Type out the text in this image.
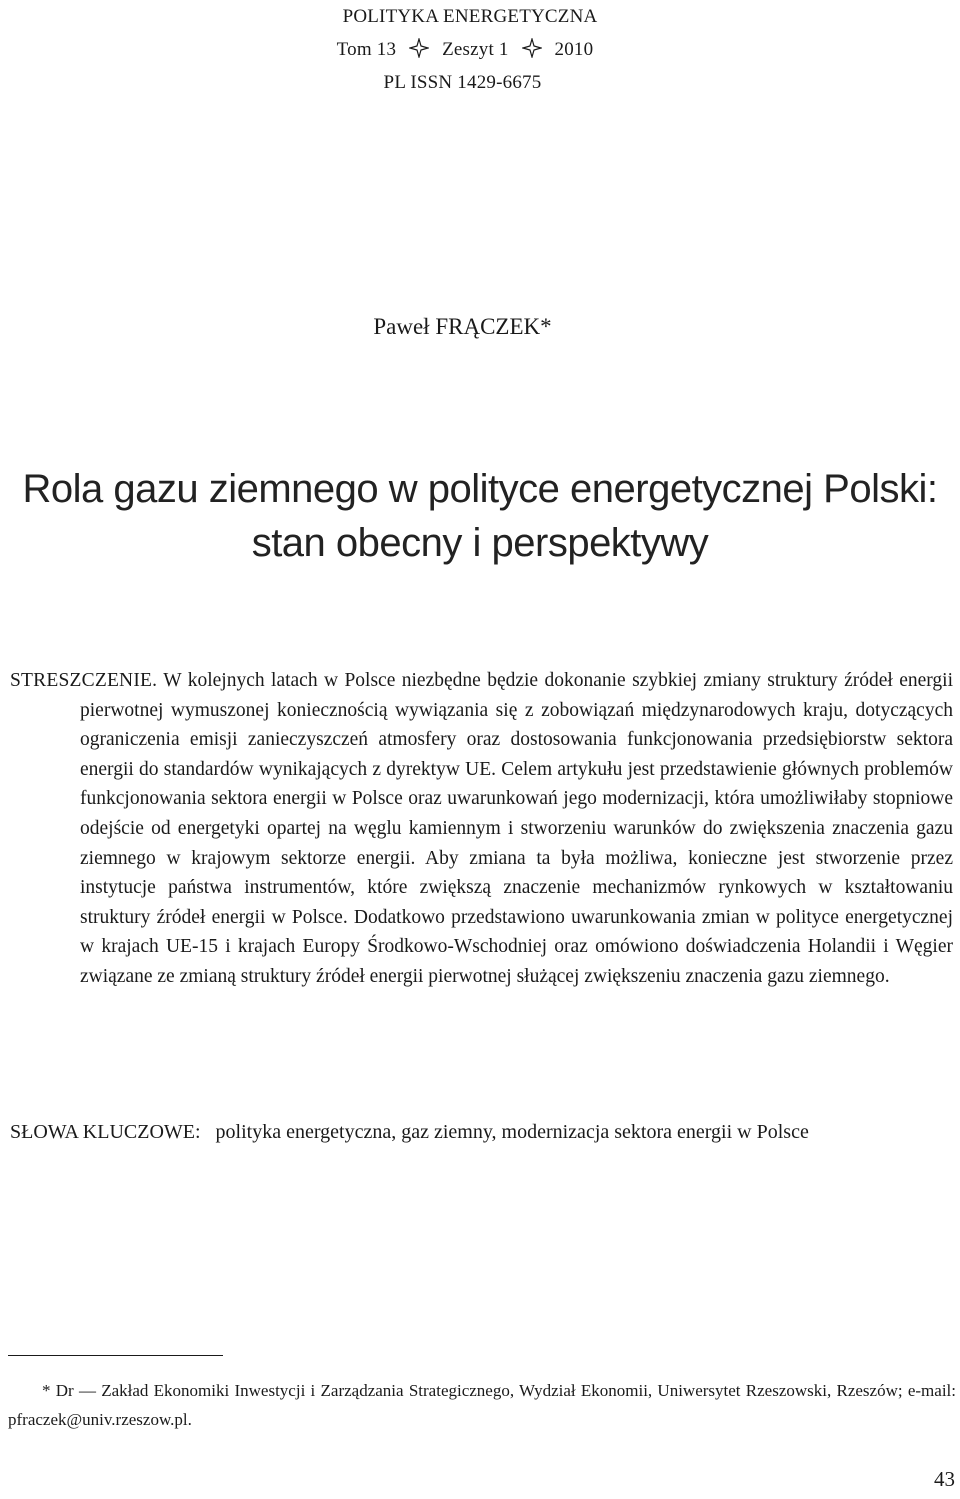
POLITYKA ENERGETYCZNA
Tom 13 Zeszyt 1 2010
PL ISSN 1429-6675
Paweł FRĄCZEK*
Rola gazu ziemnego w polityce energetycznej Polski:
stan obecny i perspektywy

STRESZCZENIE. W kolejnych latach w Polsce niezbędne będzie dokonanie szybkiej zmiany struktury źródeł energii pierwotnej wymuszonej koniecznością wywiązania się z zobowiązań międzynarodowych kraju, dotyczących ograniczenia emisji zanieczyszczeń atmosfery oraz dostosowania funkcjonowania przedsiębiorstw sektora energii do standardów wynikających z dyrektyw UE. Celem artykułu jest przedstawienie głównych problemów funkcjonowania sektora energii w Polsce oraz uwarunkowań jego modernizacji, która umożliwiłaby stopniowe odejście od energetyki opartej na węglu kamiennym i stworzeniu warunków do zwiększenia znaczenia gazu ziemnego w krajowym sektorze energii. Aby zmiana ta była możliwa, konieczne jest stworzenie przez instytucje państwa instrumentów, które zwiększą znaczenie mechanizmów rynkowych w kształtowaniu struktury źródeł energii w Polsce. Dodatkowo przedstawiono uwarunkowania zmian w polityce energetycznej w krajach UE-15 i krajach Europy Środkowo-Wschodniej oraz omówiono doświadczenia Holandii i Węgier związane ze zmianą struktury źródeł energii pierwotnej służącej zwiększeniu znaczenia gazu ziemnego.

SŁOWA KLUCZOWE: polityka energetyczna, gaz ziemny, modernizacja sektora energii w Polsce

* Dr — Zakład Ekonomiki Inwestycji i Zarządzania Strategicznego, Wydział Ekonomii, Uniwersytet Rzeszowski, Rzeszów; e-mail: pfraczek@univ.rzeszow.pl.

43
